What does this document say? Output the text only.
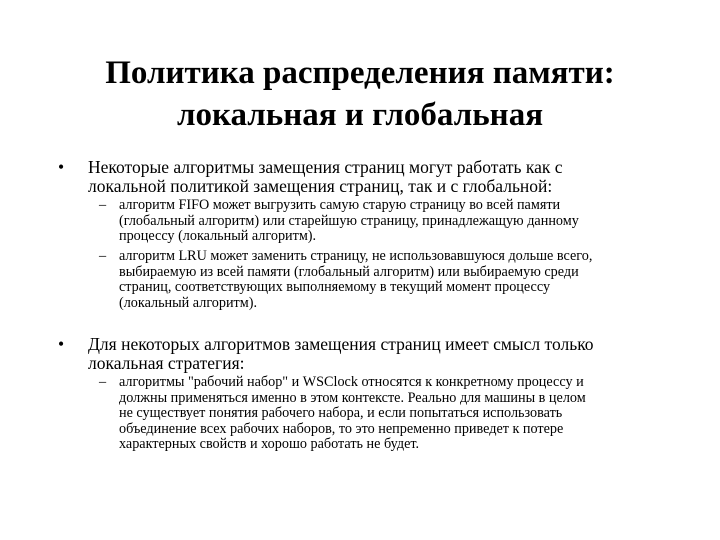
Политика распределения памяти:
локальная и глобальная
• Некоторые алгоритмы замещения страниц могут работать как с
локальной политикой замещения страниц, так и с глобальной:
– алгоритм FIFO может выгрузить самую старую страницу во всей памяти
(глобальный алгоритм) или старейшую страницу, принадлежащую данному
процессу (локальный алгоритм).
– алгоритм LRU может заменить страницу, не использовавшуюся дольше всего,
выбираемую из всей памяти (глобальный алгоритм) или выбираемую среди
страниц, соответствующих выполняемому в текущий момент процессу
(локальный алгоритм).
• Для некоторых алгоритмов замещения страниц имеет смысл только
локальная стратегия:
– алгоритмы "рабочий набор" и WSClock относятся к конкретному процессу и
должны применяться именно в этом контексте. Реально для машины в целом
не существует понятия рабочего набора, и если попытаться использовать
объединение всех рабочих наборов, то это непременно приведет к потере
характерных свойств и хорошо работать не будет.
